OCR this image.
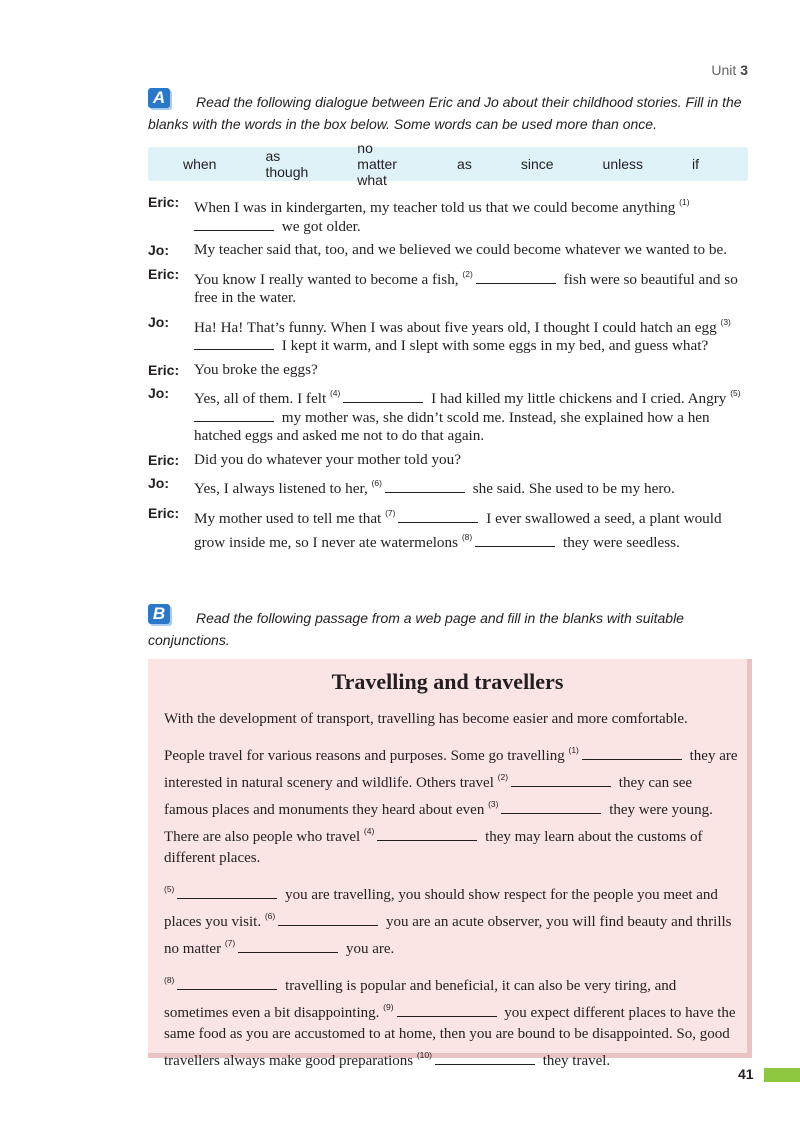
Unit 3
A	Read the following dialogue between Eric and Jo about their childhood stories. Fill in the blanks with the words in the box below. Some words can be used more than once.
when	as though
no matter what
as	since	unless	if
Eric: When I was in kindergarten, my teacher told us that we could become anything $^{(1)}$ we got older.
Jo:	My teacher said that, too, and we believed we could become whatever we wanted to be.
Eric: You know I really wanted to become a fish, $^{(2)}$	fish were so beautiful and so free in the water.
Jo:	Ha! Ha! That’s funny. When I was about five years old, I thought I could hatch an egg $^{(3)}$ I kept it warm, and I slept with some eggs in my bed, and guess what?
Eric: You broke the eggs?
Jo:	Yes, all of them. I felt $^{(4)}$	I had killed my little chickens and I cried. Angry $^{(5)}$ my mother was, she didn’t scold me. Instead, she explained how a hen hatched eggs and asked me not to do that again.
Eric: Did you do whatever your mother told you?
Jo:	Yes, I always listened to her, $^{(6)}$	she said. She used to be my hero.
Eric: My mother used to tell me that $^{(7)}$	I ever swallowed a seed, a plant would grow inside me, so I never ate watermelons $^{(8)}$	they were seedless.
B	Read the following passage from a web page and fill in the blanks with suitable conjunctions.
Travelling and travellers

With the development of transport, travelling has become easier and more comfortable.

People travel for various reasons and purposes. Some go travelling $^{(1)}$	they are interested in natural scenery and wildlife. Others travel $^{(2)}$	they can see famous places and monuments they heard about even $^{(3)}$	they were young. There are also people who travel $^{(4)}$	they may learn about the customs of different places.

$^{(5)}$	you are travelling, you should show respect for the people you meet and places you visit. $^{(6)}$	you are an acute observer, you will find beauty and thrills no matter $^{(7)}$	you are.

$^{(8)}$	travelling is popular and beneficial, it can also be very tiring, and sometimes even a bit disappointing. $^{(9)}$	you expect different places to have the same food as you are accustomed to at home, then you are bound to be disappointed. So, good travellers always make good preparations $^{(10)}$	they travel.

41
